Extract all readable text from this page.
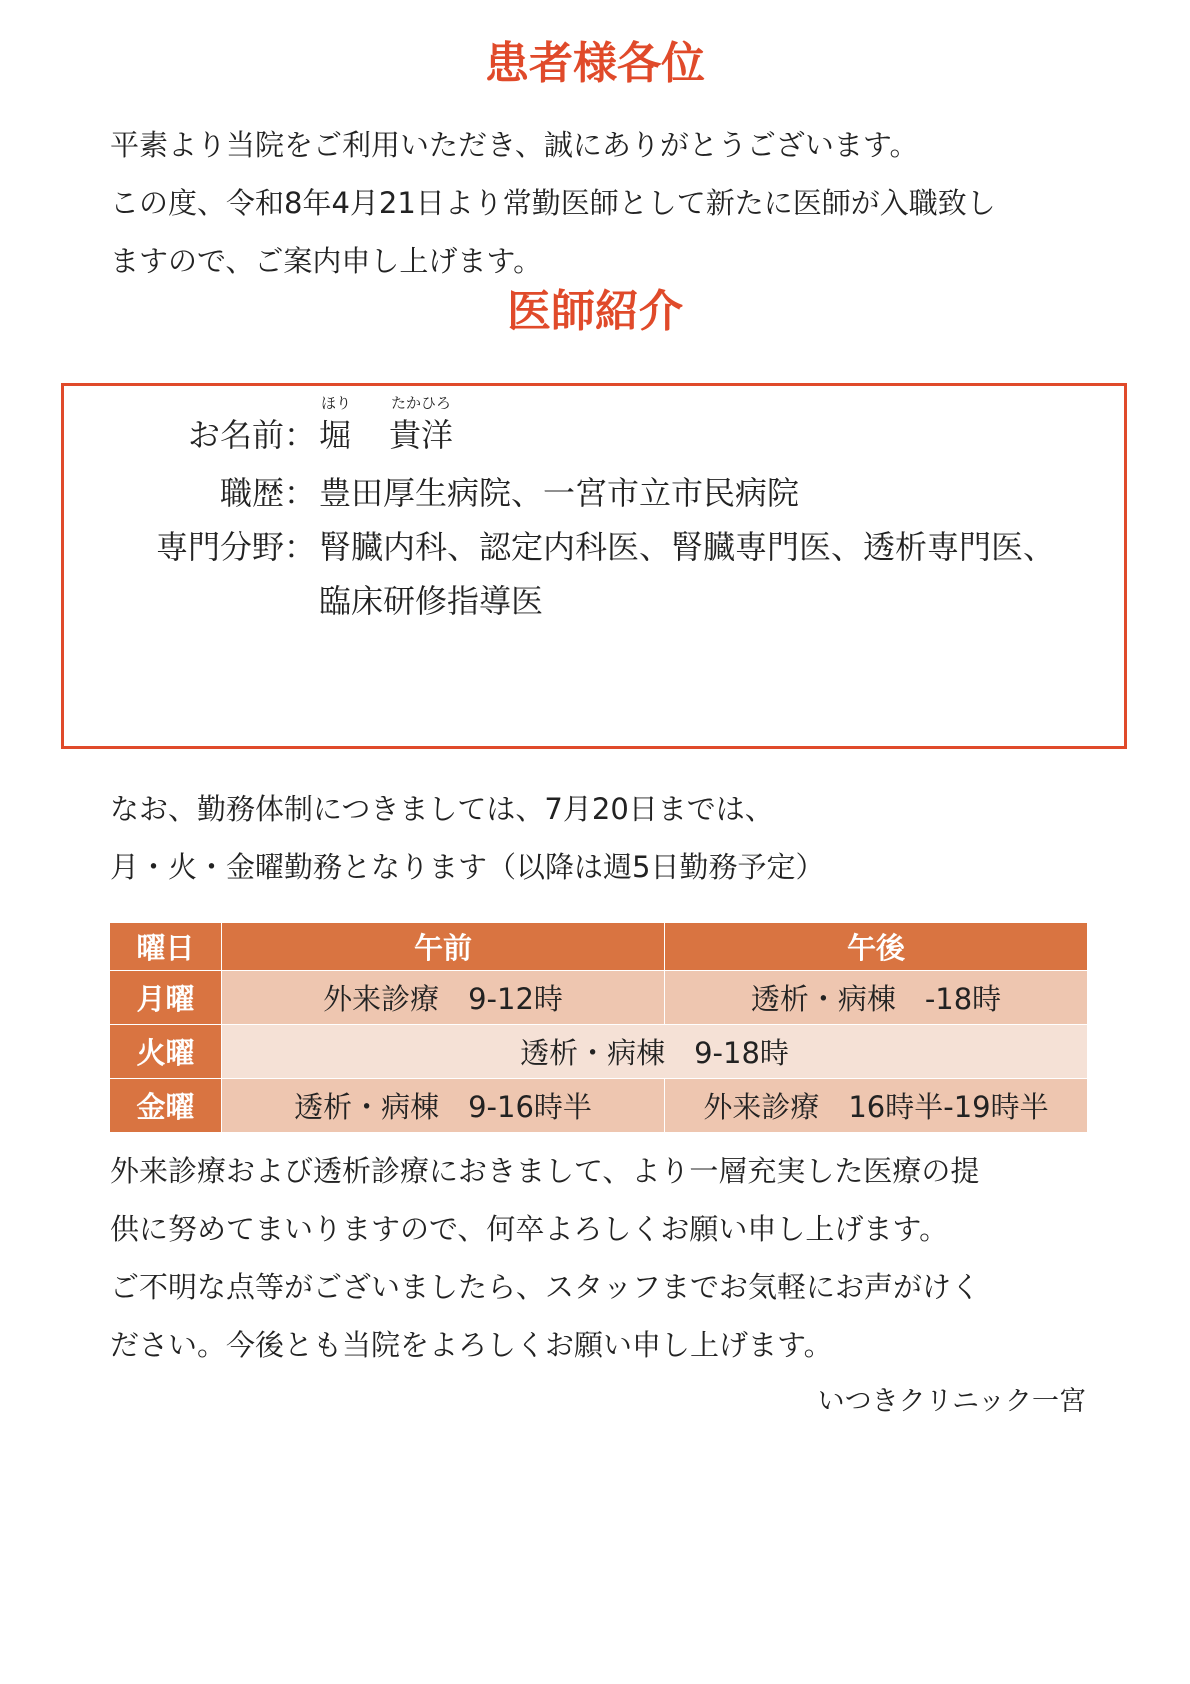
患者様各位
平素より当院をご利用いただき、誠にありがとうございます。
この度、令和8年4月21日より常勤医師として新たに医師が入職致し
ますので、ご案内申し上げます。
医師紹介
お名前：
ほり
堀
たかひろ
貴洋
職歴： 豊田厚生病院、一宮市立市民病院
専門分野： 腎臓内科、認定内科医、腎臓専門医、透析専門医、
臨床研修指導医
なお、勤務体制につきましては、7月20日までは、
月・火・金曜勤務となります（以降は週5日勤務予定）
曜日	午前	午後
月曜	外来診療　9-12時	透析・病棟　-18時
火曜	透析・病棟　9-18時	
金曜	透析・病棟　9-16時半	外来診療　16時半-19時半
外来診療および透析診療におきまして、より一層充実した医療の提
供に努めてまいりますので、何卒よろしくお願い申し上げます。
ご不明な点等がございましたら、スタッフまでお気軽にお声がけく
ださい。今後とも当院をよろしくお願い申し上げます。
いつきクリニック一宮
